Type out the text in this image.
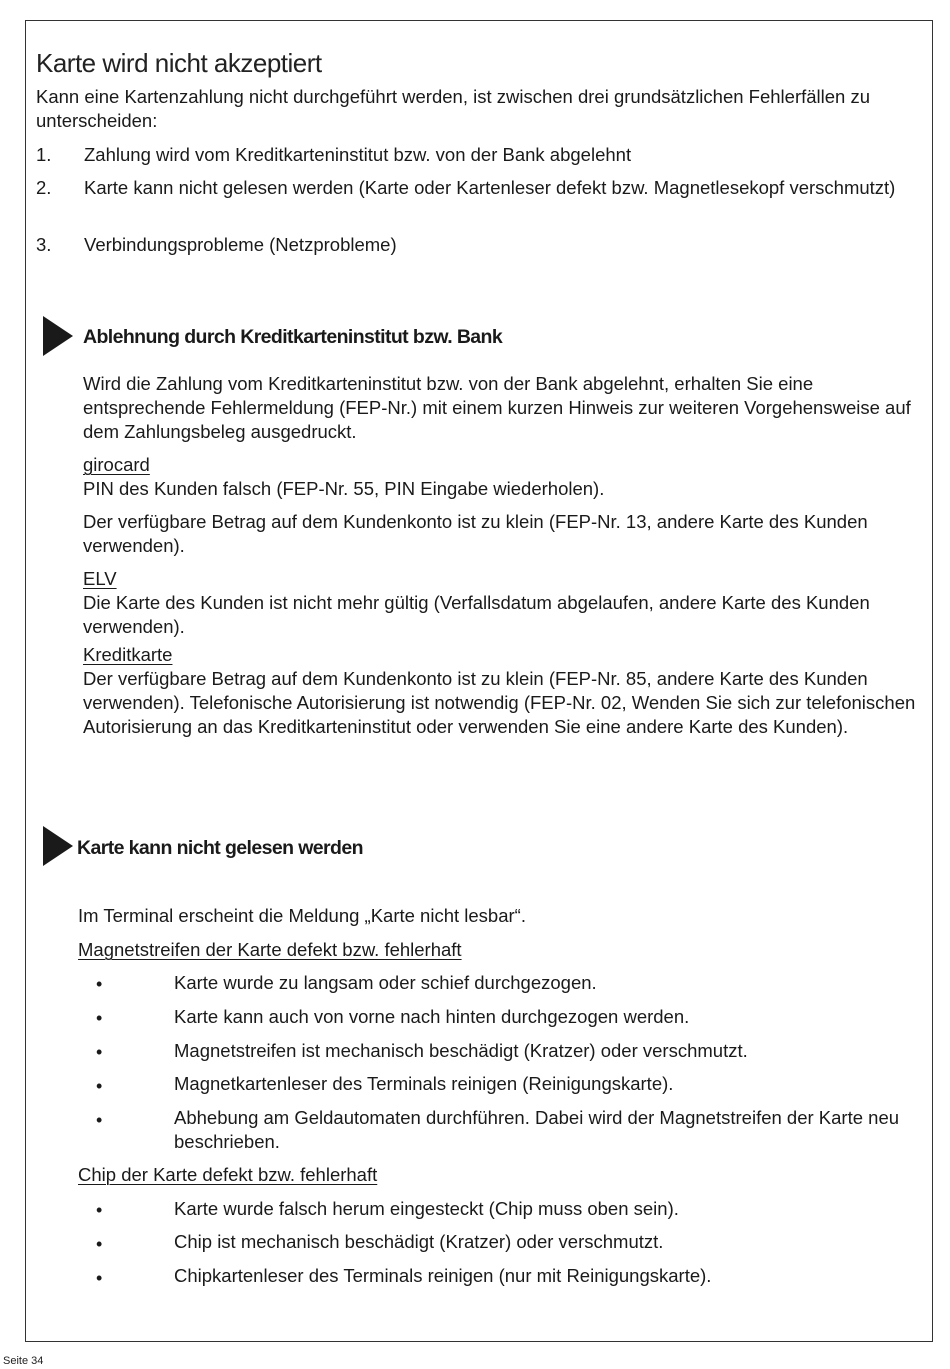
Karte wird nicht akzeptiert

Kann eine Kartenzahlung nicht durchgeführt werden, ist zwischen drei grundsätzlichen Fehlerfällen zu unterscheiden:

1.	Zahlung wird vom Kreditkarteninstitut bzw. von der Bank abgelehnt

2.	Karte kann nicht gelesen werden (Karte oder Kartenleser defekt bzw. Magnetlesekopf verschmutzt)

3.	Verbindungsprobleme (Netzprobleme)

Ablehnung durch Kreditkarteninstitut bzw. Bank

Wird die Zahlung vom Kreditkarteninstitut bzw. von der Bank abgelehnt, erhalten Sie eine entsprechende Fehlermeldung (FEP-Nr.) mit einem kurzen Hinweis zur weiteren Vorgehensweise auf dem Zahlungsbeleg ausgedruckt.

girocard

PIN des Kunden falsch (FEP-Nr. 55, PIN Eingabe wiederholen).

Der verfügbare Betrag auf dem Kundenkonto ist zu klein (FEP-Nr. 13, andere Karte des Kunden verwenden).

ELV

Die Karte des Kunden ist nicht mehr gültig (Verfallsdatum abgelaufen, andere Karte des Kunden verwenden).

Kreditkarte

Der verfügbare Betrag auf dem Kundenkonto ist zu klein (FEP-Nr. 85, andere Karte des Kunden verwenden). Telefonische Autorisierung ist notwendig (FEP-Nr. 02, Wenden Sie sich zur telefonischen Autorisierung an das Kreditkarteninstitut oder verwenden Sie eine andere Karte des Kunden).

Karte kann nicht gelesen werden

Im Terminal erscheint die Meldung „Karte nicht lesbar“.

Magnetstreifen der Karte defekt bzw. fehlerhaft

•	Karte wurde zu langsam oder schief durchgezogen.

•	Karte kann auch von vorne nach hinten durchgezogen werden.

•	Magnetstreifen ist mechanisch beschädigt (Kratzer) oder verschmutzt.

•	Magnetkartenleser des Terminals reinigen (Reinigungskarte).

•	Abhebung am Geldautomaten durchführen. Dabei wird der Magnetstreifen der Karte neu beschrieben.

Chip der Karte defekt bzw. fehlerhaft

•	Karte wurde falsch herum eingesteckt (Chip muss oben sein).

•	Chip ist mechanisch beschädigt (Kratzer) oder verschmutzt.

•	Chipkartenleser des Terminals reinigen (nur mit Reinigungskarte).

Seite 34
